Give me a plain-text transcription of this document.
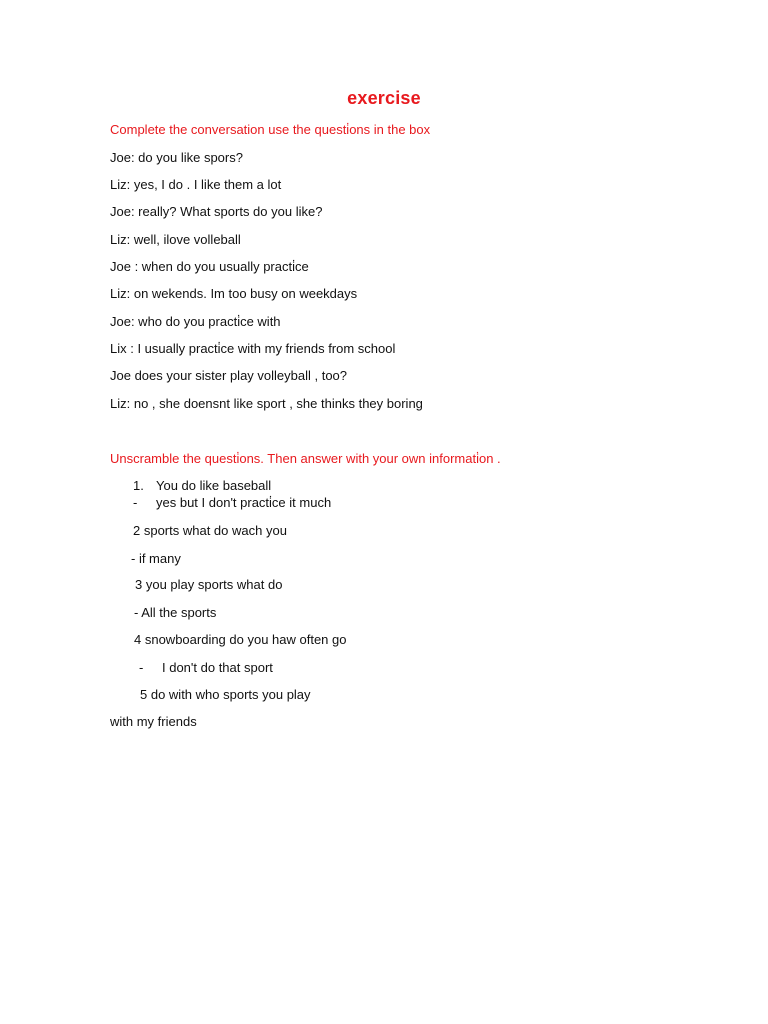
exercise
Complete the conversation use the questi̇ons in the box
Joe: do you like spors?
Liz: yes, I do . I like them a lot
Joe: really? What sports do you like?
Liz: well, ilove volleball
Joe : when do you usually practi̇ce
Liz: on wekends. Im too busy on weekdays
Joe: who do you practi̇ce with
Lix : I usually practi̇ce with my friends from school
Joe does your sister play volleyball , too?
Liz: no , she doensnt like sport , she thinks they boring
Unscramble the questi̇ons. Then answer with your own informati̇on .
1. You do like baseball
- yes but I don't practi̇ce it much
2 sports what do wach you
- if many
3 you play sports what do
- All the sports
4 snowboarding do you haw often go
- I don't do that sport
5 do with who sports you play
with my friends
